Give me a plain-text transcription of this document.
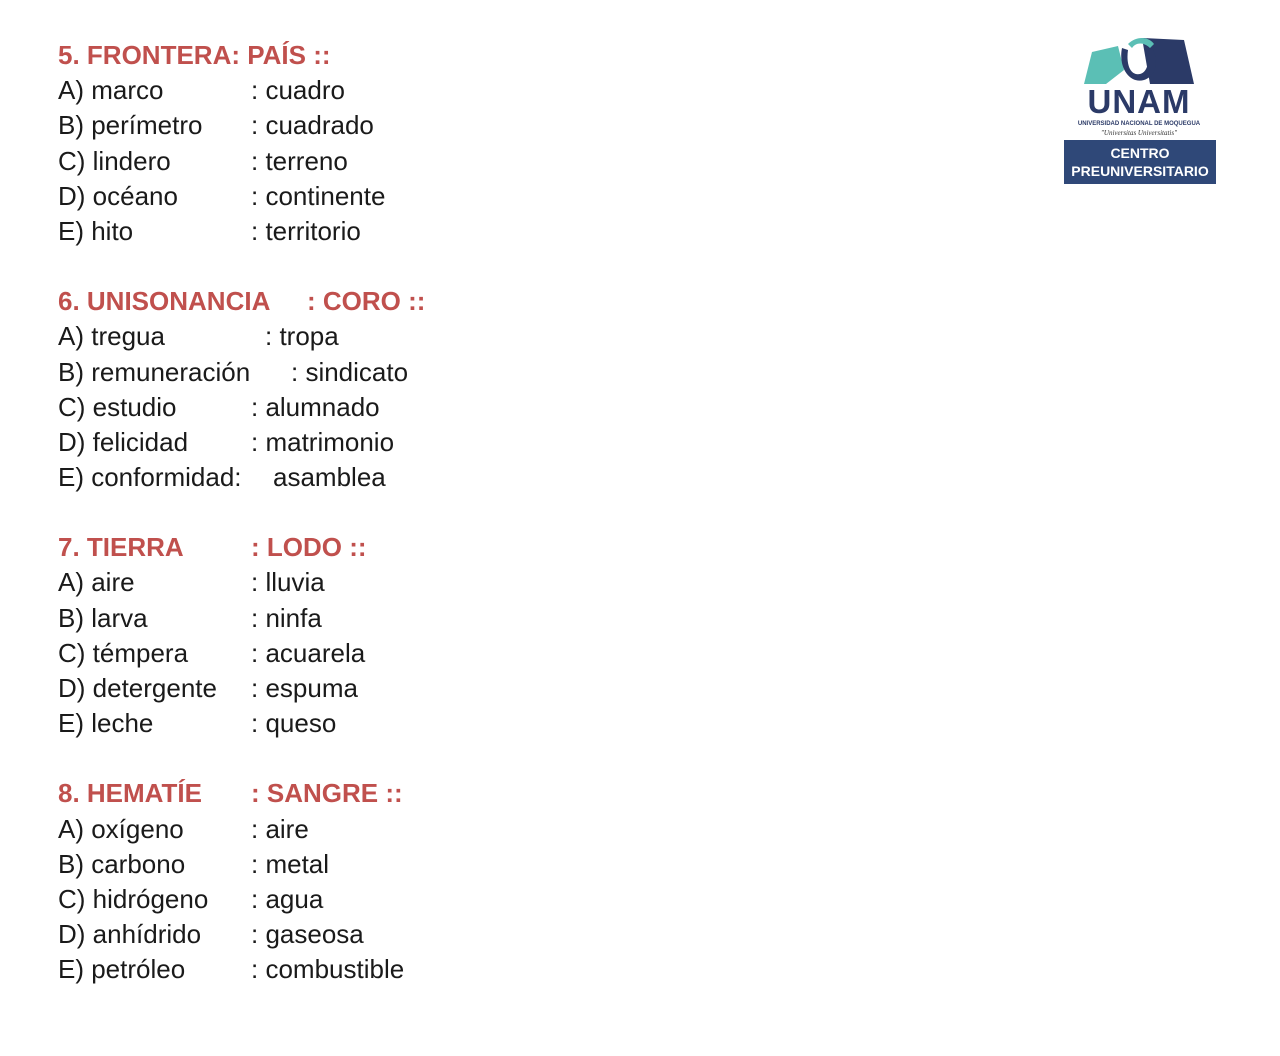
5. FRONTERA: PAÍS ::
A) marco	: cuadro
B) perímetro : cuadrado
C) lindero	: terreno
D) océano	: continente
E) hito	: territorio
6. UNISONANCIA : CORO ::
A) tregua	: tropa
B) remuneración : sindicato
C) estudio	: alumnado
D) felicidad : matrimonio
E) conformidad: asamblea
7. TIERRA	: LODO ::
A) aire	: lluvia
B) larva	: ninfa
C) témpera : acuarela
D) detergente : espuma
E) leche	: queso
8. HEMATÍE : SANGRE ::
A) oxígeno	: aire
B) carbono	: metal
C) hidrógeno : agua
D) anhídrido : gaseosa
E) petróleo	: combustible
UNAM
UNIVERSIDAD NACIONAL DE MOQUEGUA
"Universitas Universitatis"
CENTRO
PREUNIVERSITARIO
